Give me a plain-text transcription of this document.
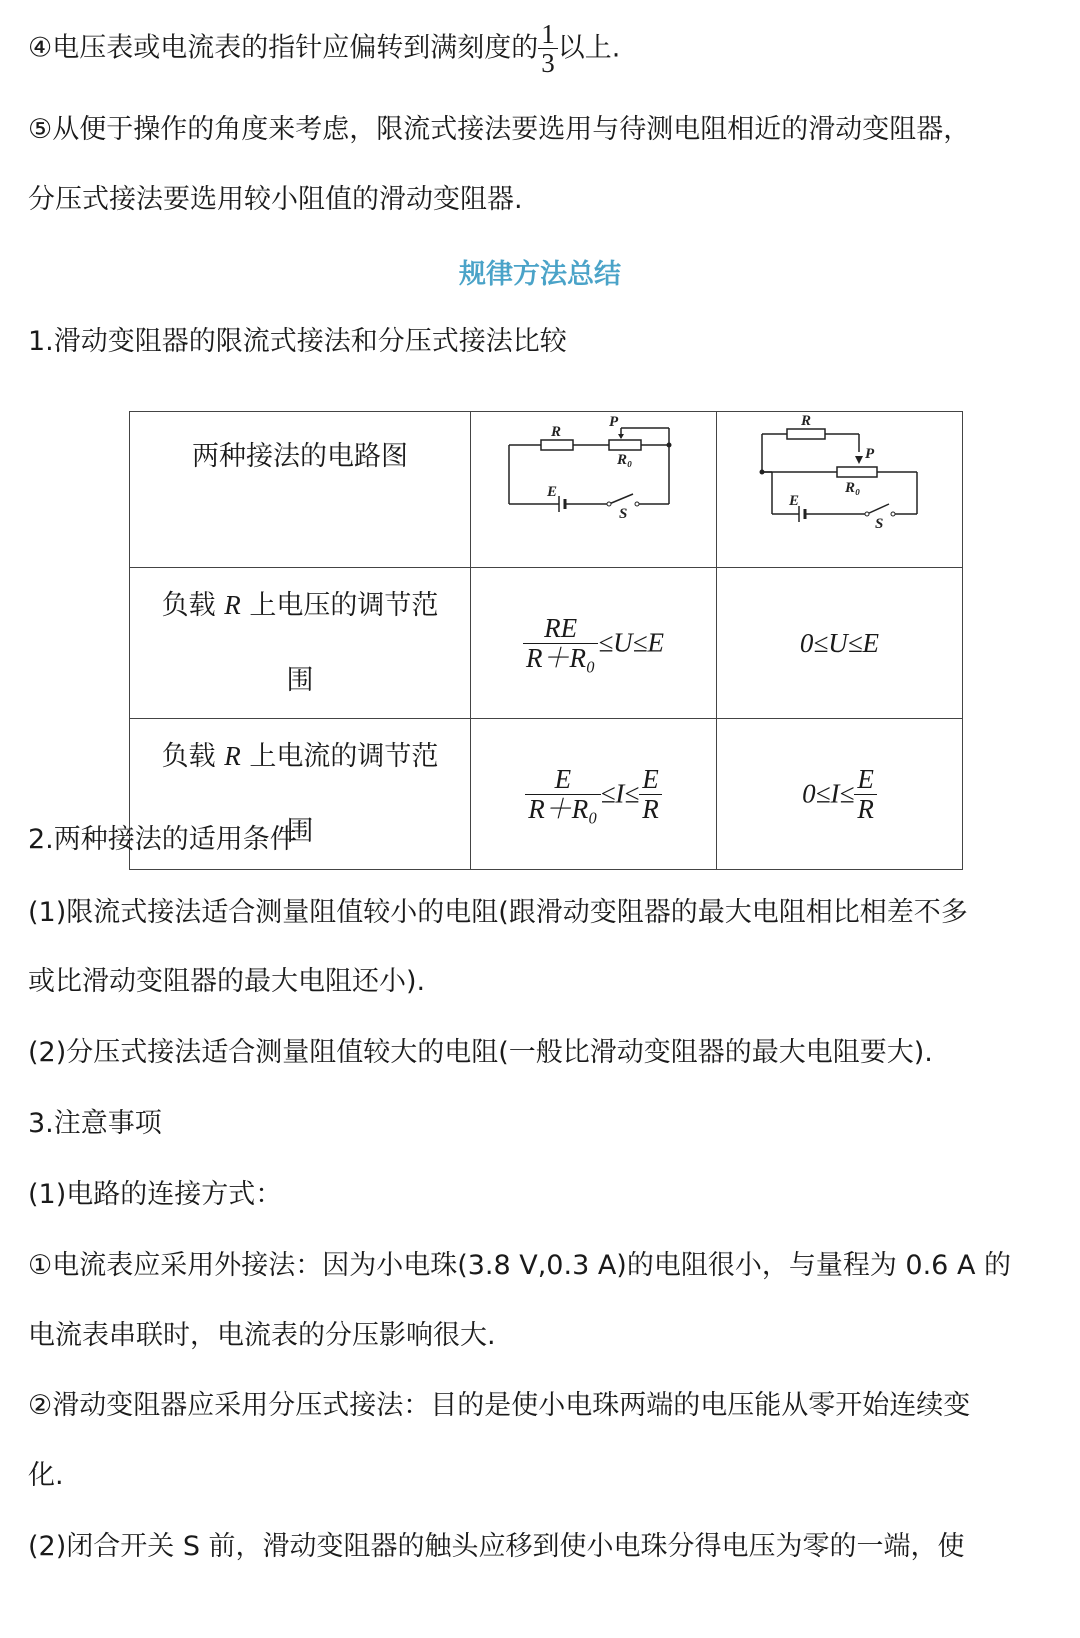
④电压表或电流表的指针应偏转到满刻度的 $\frac{1}{3}$ 以上.
⑤从便于操作的角度来考虑，限流式接法要选用与待测电阻相近的滑动变阻器，
分压式接法要选用较小阻值的滑动变阻器.
规律方法总结
1.滑动变阻器的限流式接法和分压式接法比较
两种接法的电路图	R
P
R₀
E
S	R
P
R₀
E
S

负载 R 上电压的调节范
围	$\frac{RE}{\text{R＋R₀}} \le U\le E$	0≤U≤E
负载 R 上电流的调节范
围	$\frac{E}{\text{R＋R₀}} \le I\le \frac{E}{R}$	$0\le I\le \frac{E}{R}$
2.两种接法的适用条件
(1)限流式接法适合测量阻值较小的电阻(跟滑动变阻器的最大电阻相比相差不多
或比滑动变阻器的最大电阻还小).
(2)分压式接法适合测量阻值较大的电阻(一般比滑动变阻器的最大电阻要大).
3.注意事项
(1)电路的连接方式：
①电流表应采用外接法：因为小电珠(3.8 V,0.3 A)的电阻很小，与量程为 0.6 A 的
电流表串联时，电流表的分压影响很大.
②滑动变阻器应采用分压式接法：目的是使小电珠两端的电压能从零开始连续变
化.
(2)闭合开关 S 前，滑动变阻器的触头应移到使小电珠分得电压为零的一端，使
